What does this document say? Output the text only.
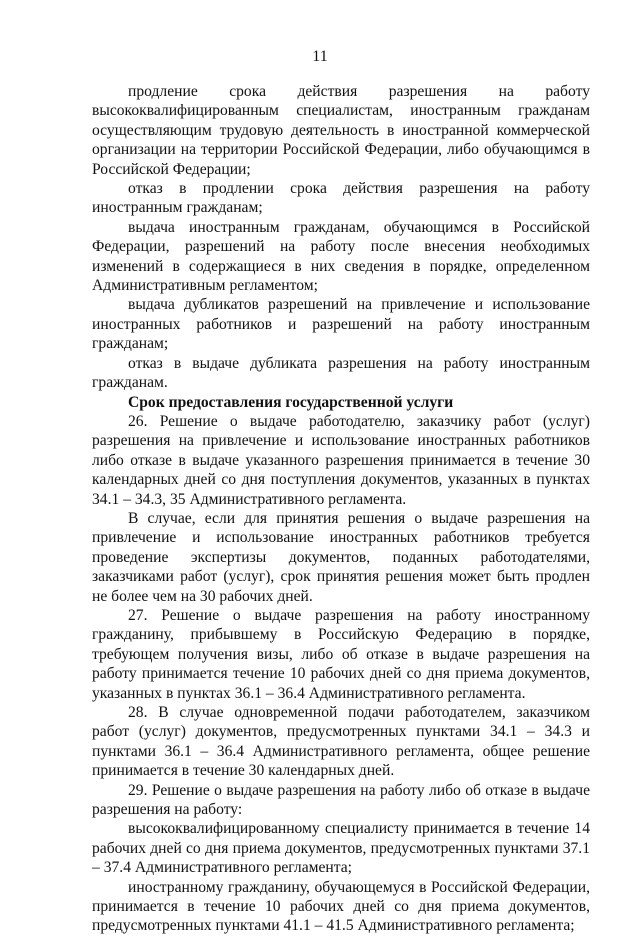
11

продление срока действия разрешения на работу высококвалифицированным специалистам, иностранным гражданам осуществляющим трудовую деятельность в иностранной коммерческой организации на территории Российской Федерации, либо обучающимся в Российской Федерации;

отказ в продлении срока действия разрешения на работу иностранным гражданам;

выдача иностранным гражданам, обучающимся в Российской Федерации, разрешений на работу после внесения необходимых изменений в содержащиеся в них сведения в порядке, определенном Административным регламентом;

выдача дубликатов разрешений на привлечение и использование иностранных работников и разрешений на работу иностранным гражданам;

отказ в выдаче дубликата разрешения на работу иностранным гражданам.

Срок предоставления государственной услуги

26. Решение о выдаче работодателю, заказчику работ (услуг) разрешения на привлечение и использование иностранных работников либо отказе в выдаче указанного разрешения принимается в течение 30 календарных дней со дня поступления документов, указанных в пунктах 34.1 – 34.3, 35 Административного регламента.

В случае, если для принятия решения о выдаче разрешения на привлечение и использование иностранных работников требуется проведение экспертизы документов, поданных работодателями, заказчиками работ (услуг), срок принятия решения может быть продлен не более чем на 30 рабочих дней.

27. Решение о выдаче разрешения на работу иностранному гражданину, прибывшему в Российскую Федерацию в порядке, требующем получения визы, либо об отказе в выдаче разрешения на работу принимается течение 10 рабочих дней со дня приема документов, указанных в пунктах 36.1 – 36.4 Административного регламента.

28. В случае одновременной подачи работодателем, заказчиком работ (услуг) документов, предусмотренных пунктами 34.1 – 34.3 и пунктами 36.1 – 36.4 Административного регламента, общее решение принимается в течение 30 календарных дней.

29. Решение о выдаче разрешения на работу либо об отказе в выдаче разрешения на работу:

высококвалифицированному специалисту принимается в течение 14 рабочих дней со дня приема документов, предусмотренных пунктами 37.1 – 37.4 Административного регламента;

иностранному гражданину, обучающемуся в Российской Федерации, принимается в течение 10 рабочих дней со дня приема документов, предусмотренных пунктами 41.1 – 41.5 Административного регламента;
